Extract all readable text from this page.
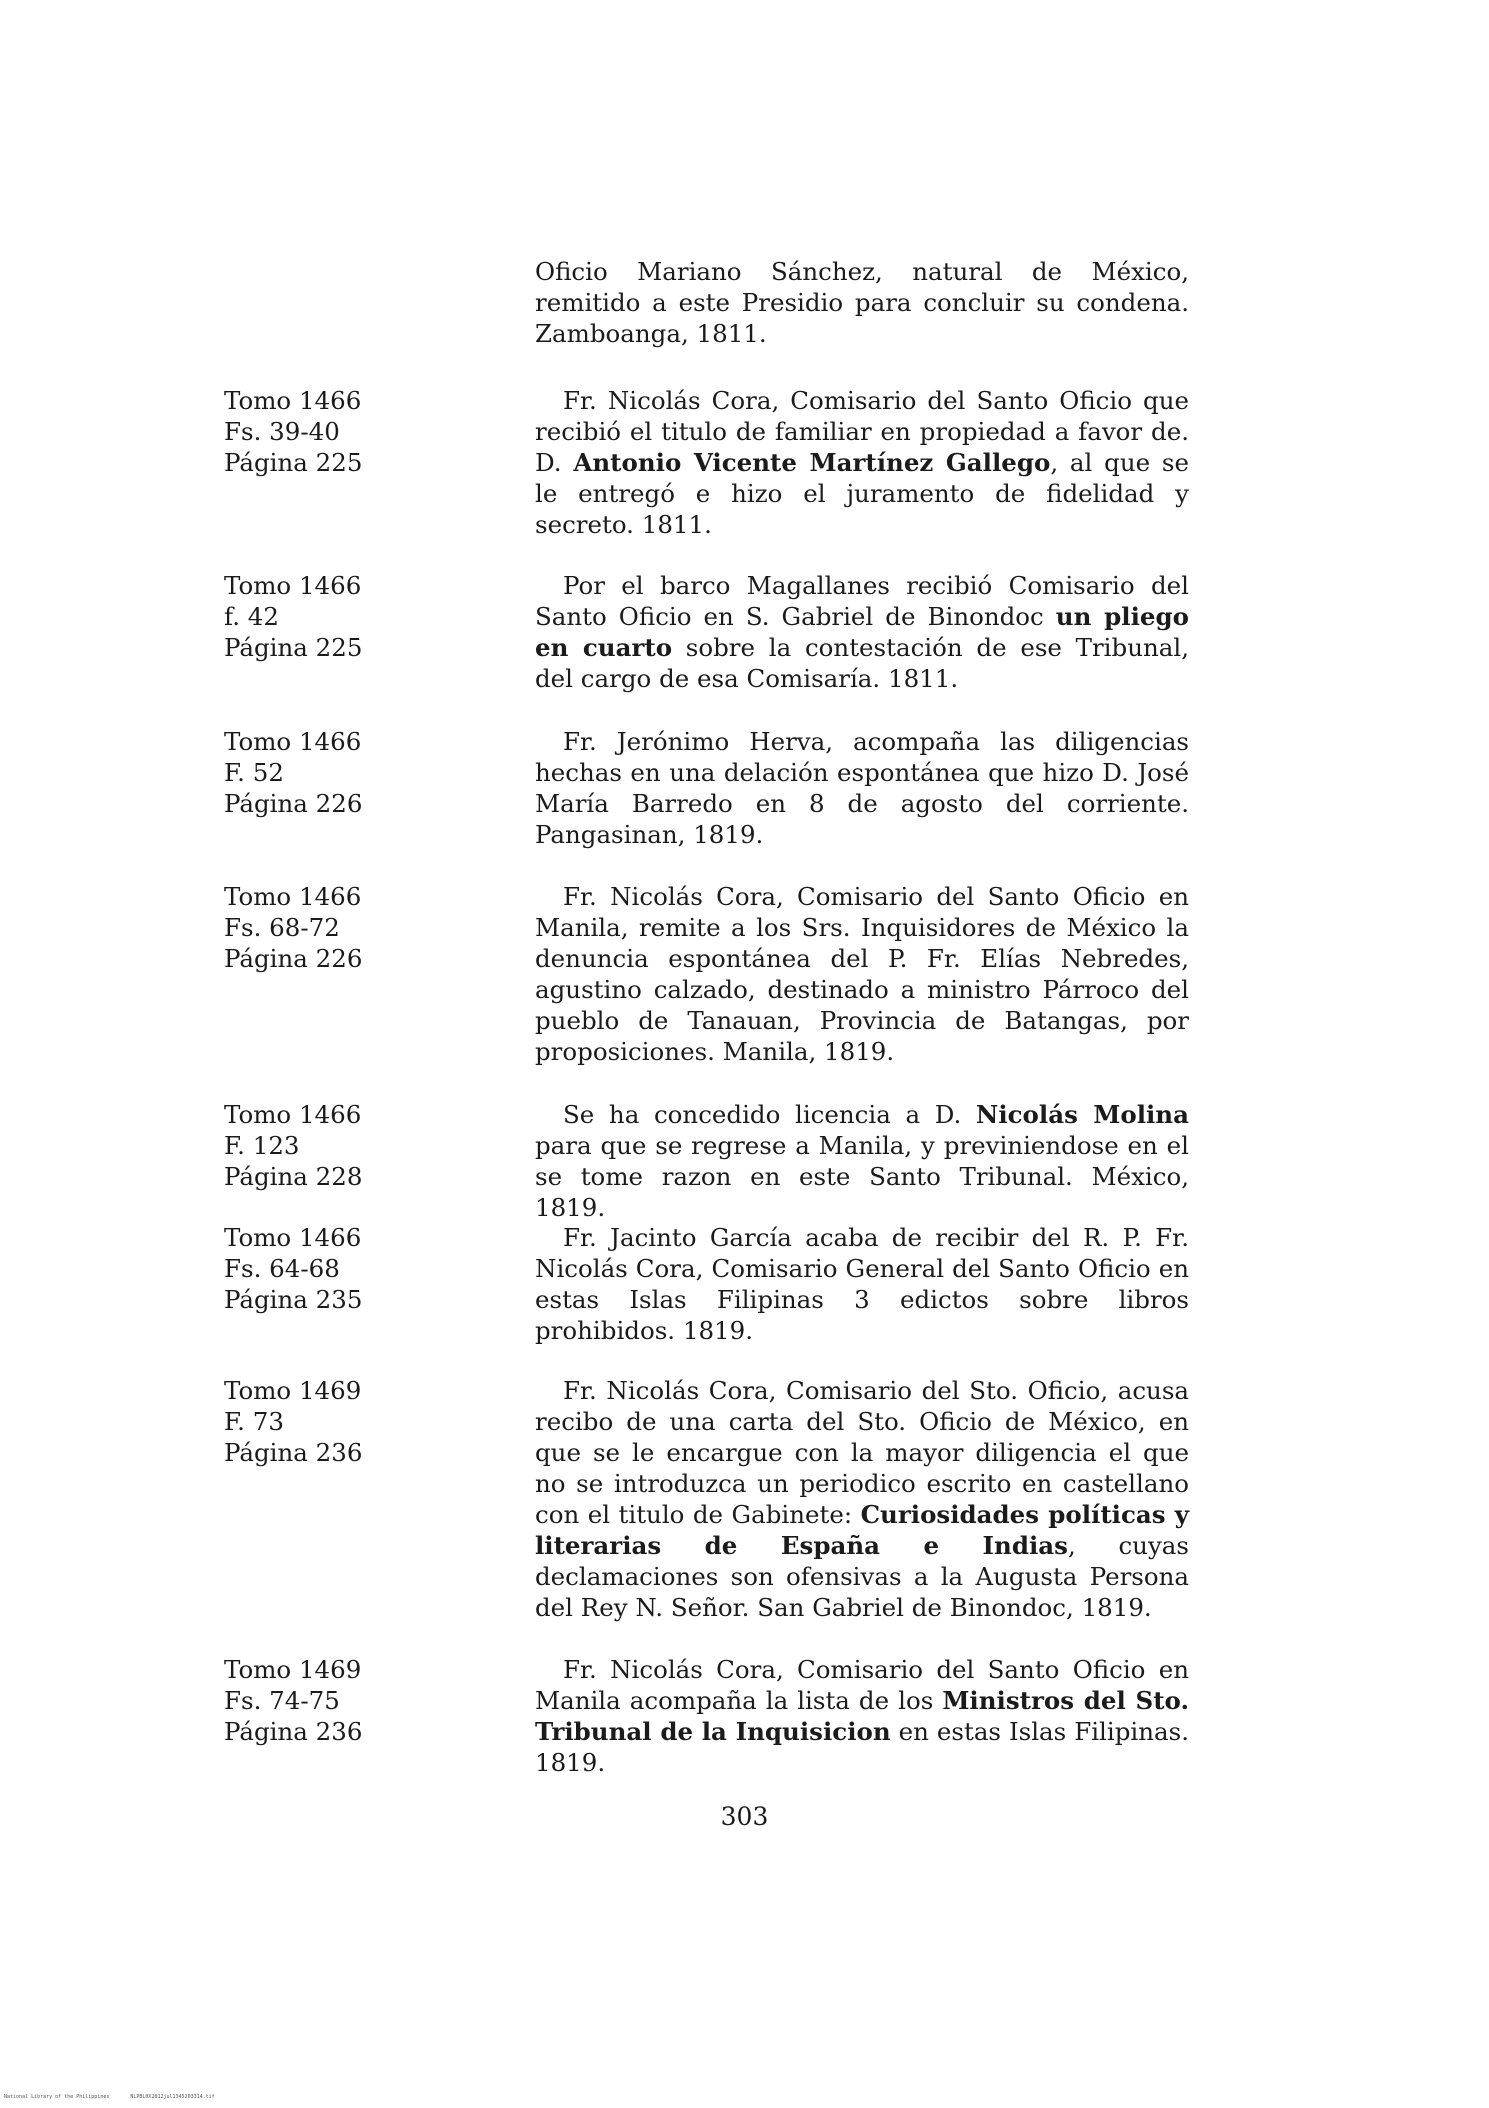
Oficio Mariano Sánchez, natural de México, remitido a este Presidio para concluir su condena. Zamboanga, 1811.

Tomo 1466
Fs. 39-40
Página 225

Fr. Nicolás Cora, Comisario del Santo Oficio que recibió el titulo de familiar en propiedad a favor de. D. Antonio Vicente Martínez Gallego, al que se le entregó e hizo el juramento de fidelidad y secreto. 1811.

Tomo 1466
f. 42
Página 225

Por el barco Magallanes recibió Comisario del Santo Oficio en S. Gabriel de Binondoc un pliego en cuarto sobre la contestación de ese Tribunal, del cargo de esa Comisaría. 1811.

Tomo 1466
F. 52
Página 226

Fr. Jerónimo Herva, acompaña las diligencias hechas en una delación espontánea que hizo D. José María Barredo en 8 de agosto del corriente. Pangasinan, 1819.

Tomo 1466
Fs. 68-72
Página 226

Fr. Nicolás Cora, Comisario del Santo Oficio en Manila, remite a los Srs. Inquisidores de México la denuncia espontánea del P. Fr. Elías Nebredes, agustino calzado, destinado a ministro Párroco del pueblo de Tanauan, Provincia de Batangas, por proposiciones. Manila, 1819.

Tomo 1466
F. 123
Página 228

Se ha concedido licencia a D. Nicolás Molina para que se regrese a Manila, y previniendose en el se tome razon en este Santo Tribunal. México, 1819.

Tomo 1466
Fs. 64-68
Página 235

Fr. Jacinto García acaba de recibir del R. P. Fr. Nicolás Cora, Comisario General del Santo Oficio en estas Islas Filipinas 3 edictos sobre libros prohibidos. 1819.

Tomo 1469
F. 73
Página 236

Fr. Nicolás Cora, Comisario del Sto. Oficio, acusa recibo de una carta del Sto. Oficio de México, en que se le encargue con la mayor diligencia el que no se introduzca un periodico escrito en castellano con el titulo de Gabinete: Curiosidades políticas y literarias de España e Indias, cuyas declamaciones son ofensivas a la Augusta Persona del Rey N. Señor. San Gabriel de Binondoc, 1819.

Tomo 1469
Fs. 74-75
Página 236

Fr. Nicolás Cora, Comisario del Santo Oficio en Manila acompaña la lista de los Ministros del Sto. Tribunal de la Inquisicion en estas Islas Filipinas. 1819.

303
National Library of the Philippines	NLPBL0X2012jul1345203314.tif
